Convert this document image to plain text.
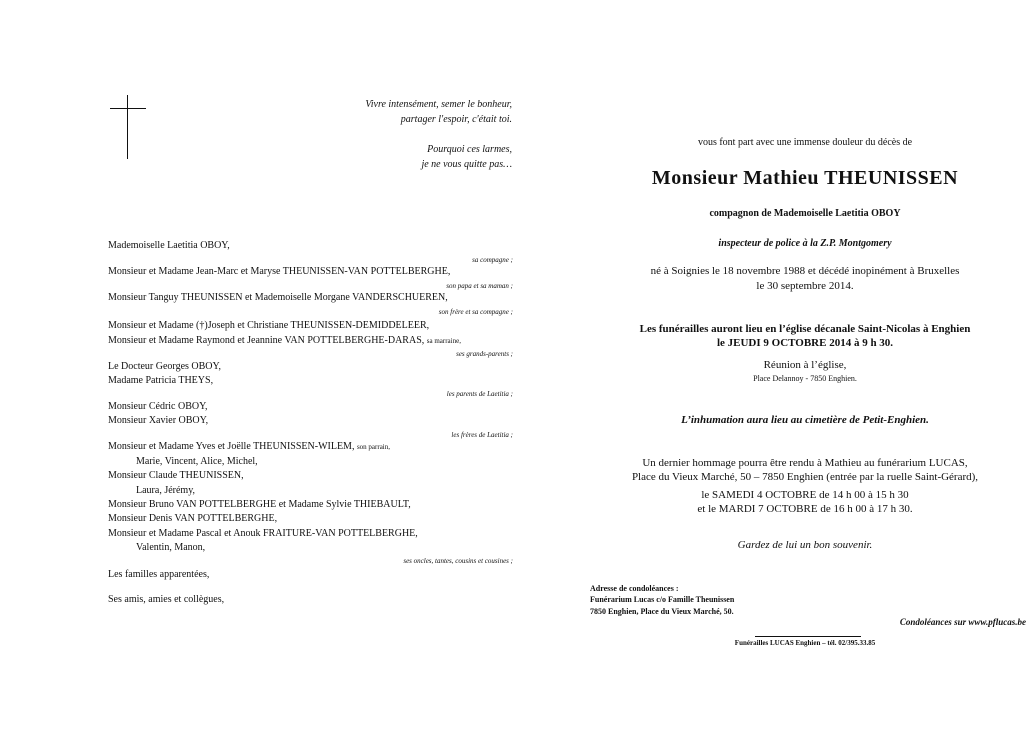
Vivre intensément, semer le bonheur,
partager l'espoir, c'était toi.
Pourquoi ces larmes,
je ne vous quitte pas…
Mademoiselle Laetitia OBOY,
sa compagne ;
Monsieur et Madame Jean-Marc et Maryse THEUNISSEN-VAN POTTELBERGHE,
son papa et sa maman ;
Monsieur Tanguy THEUNISSEN et Mademoiselle Morgane VANDERSCHUEREN,
son frère et sa compagne ;
Monsieur et Madame (†)Joseph et Christiane THEUNISSEN-DEMIDDELEER,
Monsieur et Madame Raymond et Jeannine VAN POTTELBERGHE-DARAS, sa marraine,
ses grands-parents ;
Le Docteur Georges OBOY,
Madame Patricia THEYS,
les parents de Laetitia ;
Monsieur Cédric OBOY,
Monsieur Xavier OBOY,
les frères de Laetitia ;
Monsieur et Madame Yves et Joëlle THEUNISSEN-WILEM, son parrain,
Marie, Vincent, Alice, Michel,
Monsieur Claude THEUNISSEN,
Laura, Jérémy,
Monsieur Bruno VAN POTTELBERGHE et Madame Sylvie THIEBAULT,
Monsieur Denis VAN POTTELBERGHE,
Monsieur et Madame Pascal et Anouk FRAITURE-VAN POTTELBERGHE,
Valentin, Manon,
ses oncles, tantes, cousins et cousines ;
Les familles apparentées,
Ses amis, amies et collègues,
vous font part avec une immense douleur du décès de
Monsieur Mathieu THEUNISSEN
compagnon de Mademoiselle Laetitia OBOY
inspecteur de police à la Z.P. Montgomery
né à Soignies le 18 novembre 1988 et décédé inopinément à Bruxelles
le 30 septembre 2014.
Les funérailles auront lieu en l’église décanale Saint-Nicolas à Enghien
le JEUDI 9 OCTOBRE 2014 à 9 h 30.
Réunion à l’église,
Place Delannoy - 7850 Enghien.
L’inhumation aura lieu au cimetière de Petit-Enghien.
Un dernier hommage pourra être rendu à Mathieu au funérarium LUCAS,
Place du Vieux Marché, 50 – 7850 Enghien (entrée par la ruelle Saint-Gérard),
le SAMEDI 4 OCTOBRE de 14 h 00 à 15 h 30
et le MARDI 7 OCTOBRE de 16 h 00 à 17 h 30.
Gardez de lui un bon souvenir.
Adresse de condoléances :
Funérarium Lucas c/o Famille Theunissen
7850 Enghien, Place du Vieux Marché, 50.
Condoléances sur www.pflucas.be
Funérailles LUCAS Enghien – tél. 02/395.33.85
